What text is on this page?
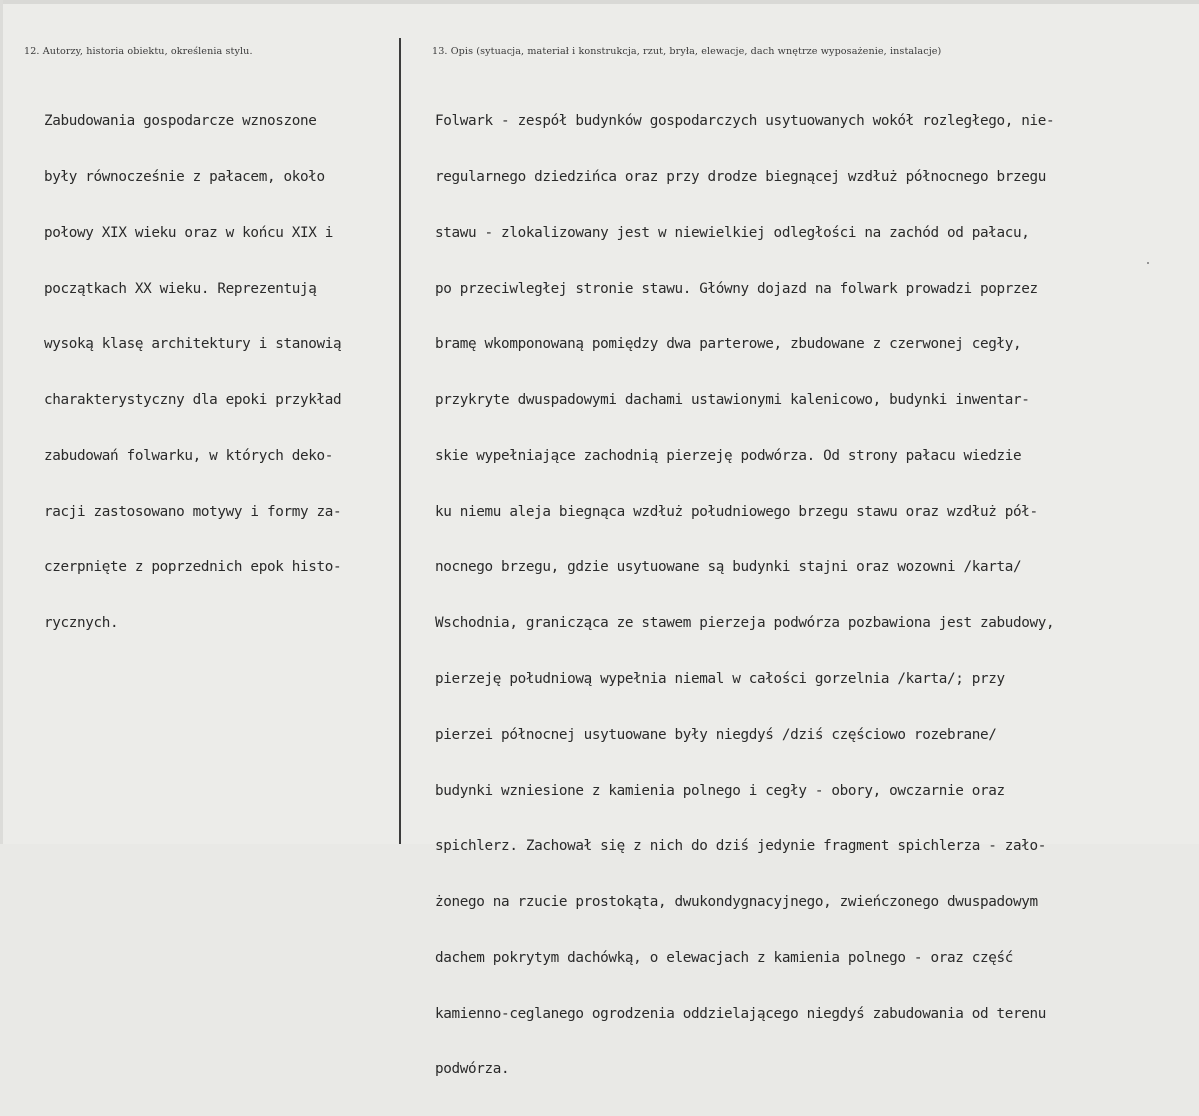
12. Autorzy, historia obiektu, określenia stylu.	13. Opis (sytuacja, materiał i konstrukcja, rzut, bryła, elewacje, dach wnętrze wyposażenie, instalacje)

Zabudowania gospodarcze wznoszone

były równocześnie z pałacem, około

połowy XIX wieku oraz w końcu XIX i

początkach XX wieku. Reprezentują

wysoką klasę architektury i stanowią

charakterystyczny dla epoki przykład

zabudowań folwarku, w których deko-

racji zastosowano motywy i formy za-

czerpnięte z poprzednich epok histo-

rycznych.

Folwark - zespół budynków gospodarczych usytuowanych wokół rozległego, nie-

regularnego dziedzińca oraz przy drodze biegnącej wzdłuż północnego brzegu

stawu - zlokalizowany jest w niewielkiej odległości na zachód od pałacu,

po przeciwległej stronie stawu. Główny dojazd na folwark prowadzi poprzez

bramę wkomponowaną pomiędzy dwa parterowe, zbudowane z czerwonej cegły,

przykryte dwuspadowymi dachami ustawionymi kalenicowo, budynki inwentar-

skie wypełniające zachodnią pierzeję podwórza. Od strony pałacu wiedzie

ku niemu aleja biegnąca wzdłuż południowego brzegu stawu oraz wzdłuż pół-

nocnego brzegu, gdzie usytuowane są budynki stajni oraz wozowni /karta/

Wschodnia, granicząca ze stawem pierzeja podwórza pozbawiona jest zabudowy,

pierzeję południową wypełnia niemal w całości gorzelnia /karta/; przy

pierzei północnej usytuowane były niegdyś /dziś częściowo rozebrane/

budynki wzniesione z kamienia polnego i cegły - obory, owczarnie oraz

spichlerz. Zachował się z nich do dziś jedynie fragment spichlerza - zało-

żonego na rzucie prostokąta, dwukondygnacyjnego, zwieńczonego dwuspadowym

dachem pokrytym dachówką, o elewacjach z kamienia polnego - oraz część

kamienno-ceglanego ogrodzenia oddzielającego niegdyś zabudowania od terenu

podwórza.
